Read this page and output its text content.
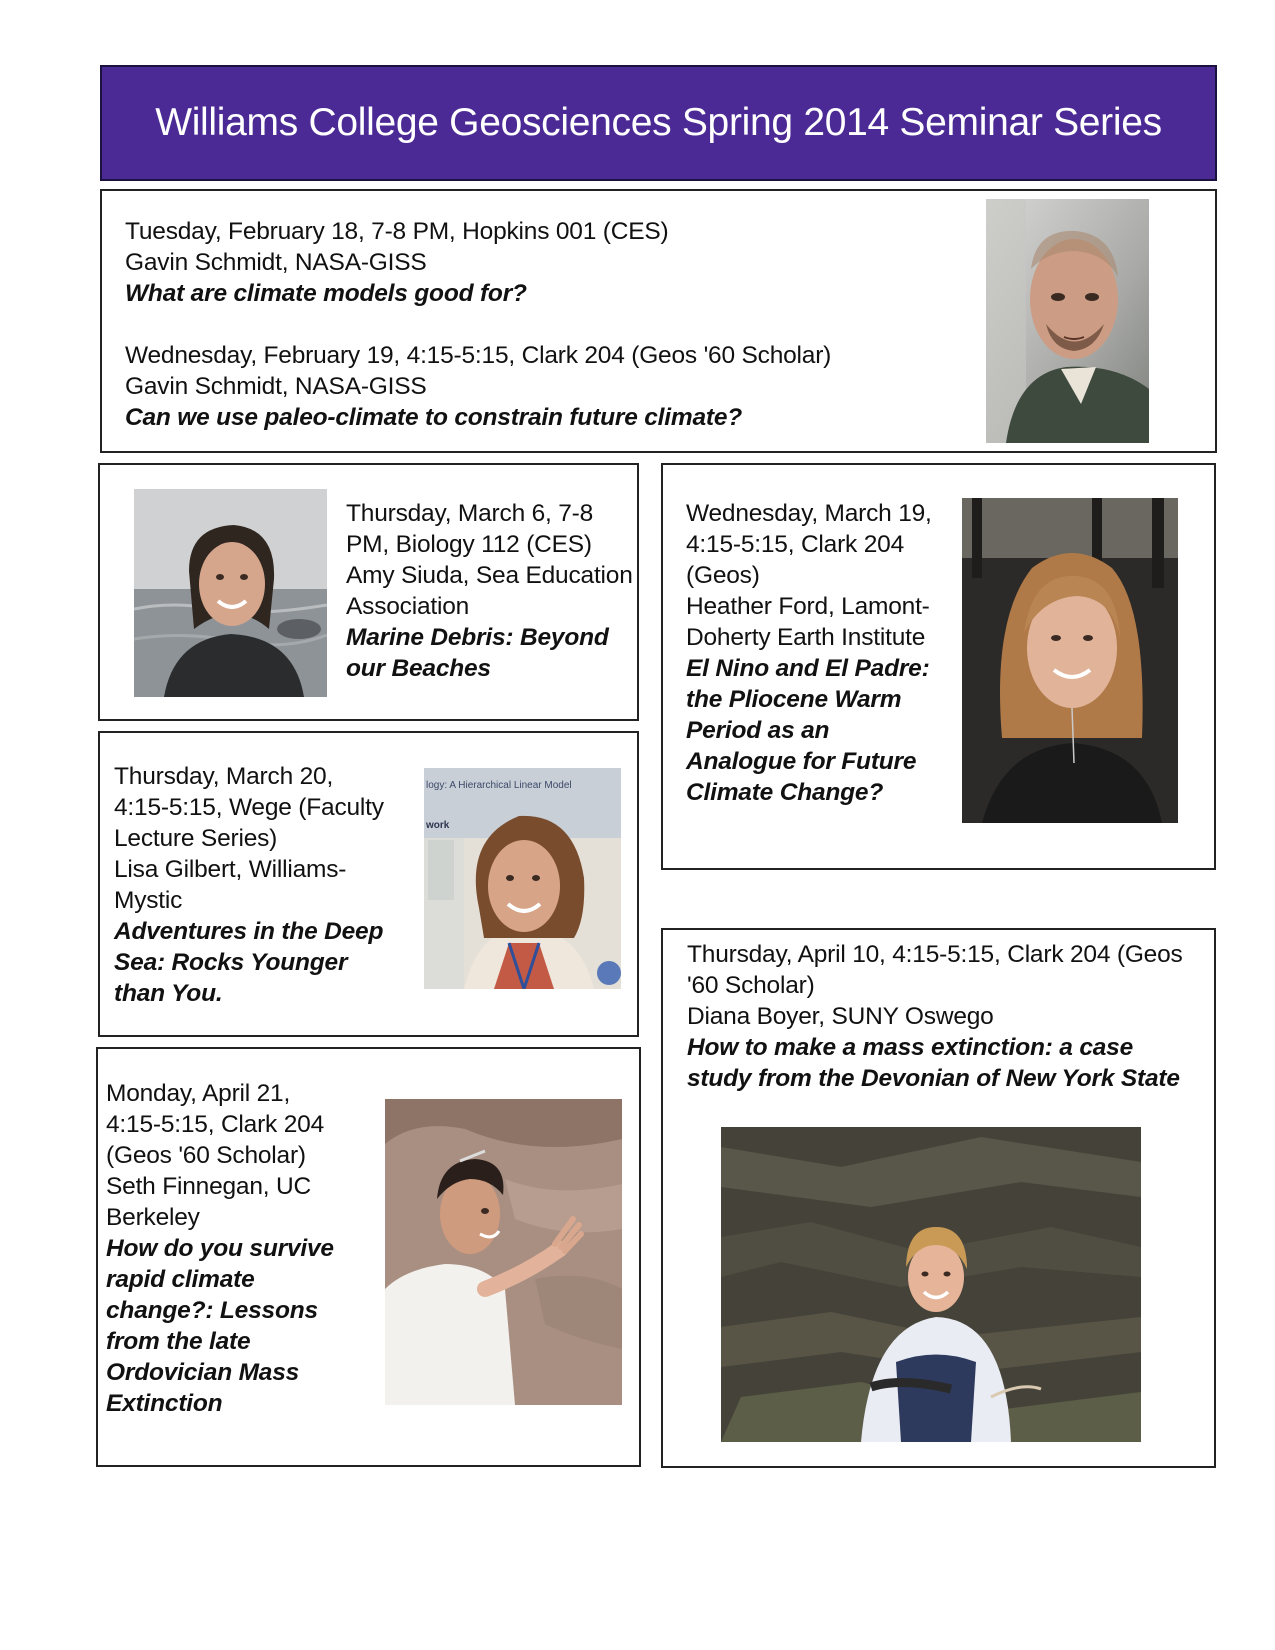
Williams College Geosciences Spring 2014 Seminar Series
Tuesday, February 18, 7-8 PM, Hopkins 001 (CES)
Gavin Schmidt, NASA-GISS
What are climate models good for?
Wednesday, February 19, 4:15-5:15, Clark 204 (Geos '60 Scholar)
Gavin Schmidt, NASA-GISS
Can we use paleo-climate to constrain future climate?
Thursday, March 6, 7-8
PM, Biology 112 (CES)
Amy Siuda, Sea Education
Association
Marine Debris: Beyond
our Beaches
Wednesday, March 19,
4:15-5:15, Clark 204
(Geos)
Heather Ford, Lamont-
Doherty Earth Institute
El Nino and El Padre:
the Pliocene Warm
Period as an
Analogue for Future
Climate Change?
Thursday, March 20,
4:15-5:15, Wege (Faculty
Lecture Series)
Lisa Gilbert, Williams-
Mystic
Adventures in the Deep
Sea: Rocks Younger
than You.
logy: A Hierarchical Linear Model
work
Thursday, April 10, 4:15-5:15, Clark 204 (Geos
'60 Scholar)
Diana Boyer, SUNY Oswego
How to make a mass extinction: a case
study from the Devonian of New York State
Monday, April 21,
4:15-5:15, Clark 204
(Geos '60 Scholar)
Seth Finnegan, UC
Berkeley
How do you survive
rapid climate
change?: Lessons
from the late
Ordovician Mass
Extinction
